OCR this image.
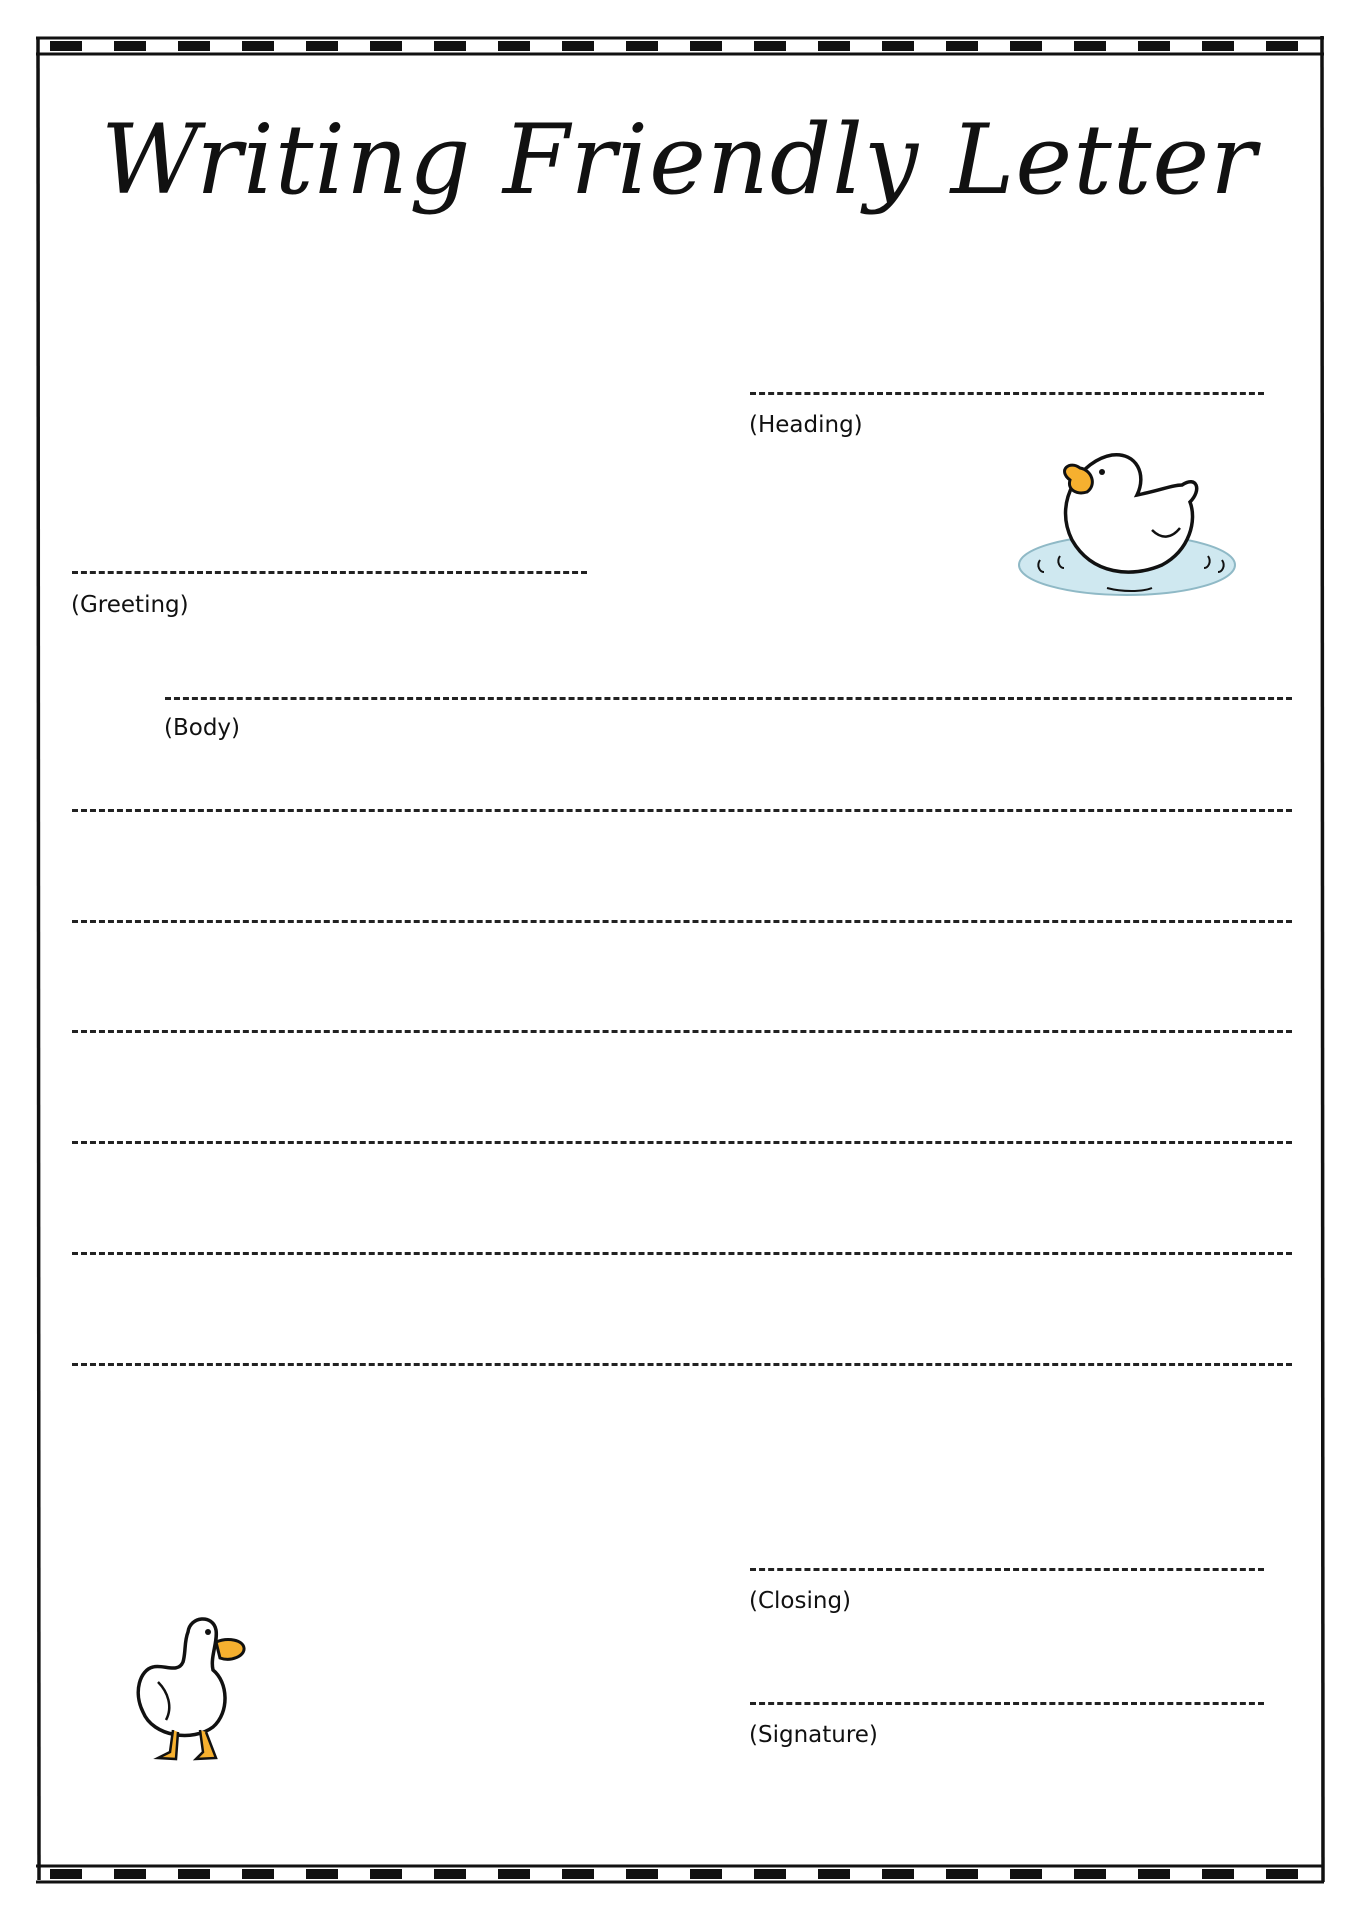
Writing Friendly Letter
(Heading)
(Greeting)
(Body)
(Closing)
(Signature)
